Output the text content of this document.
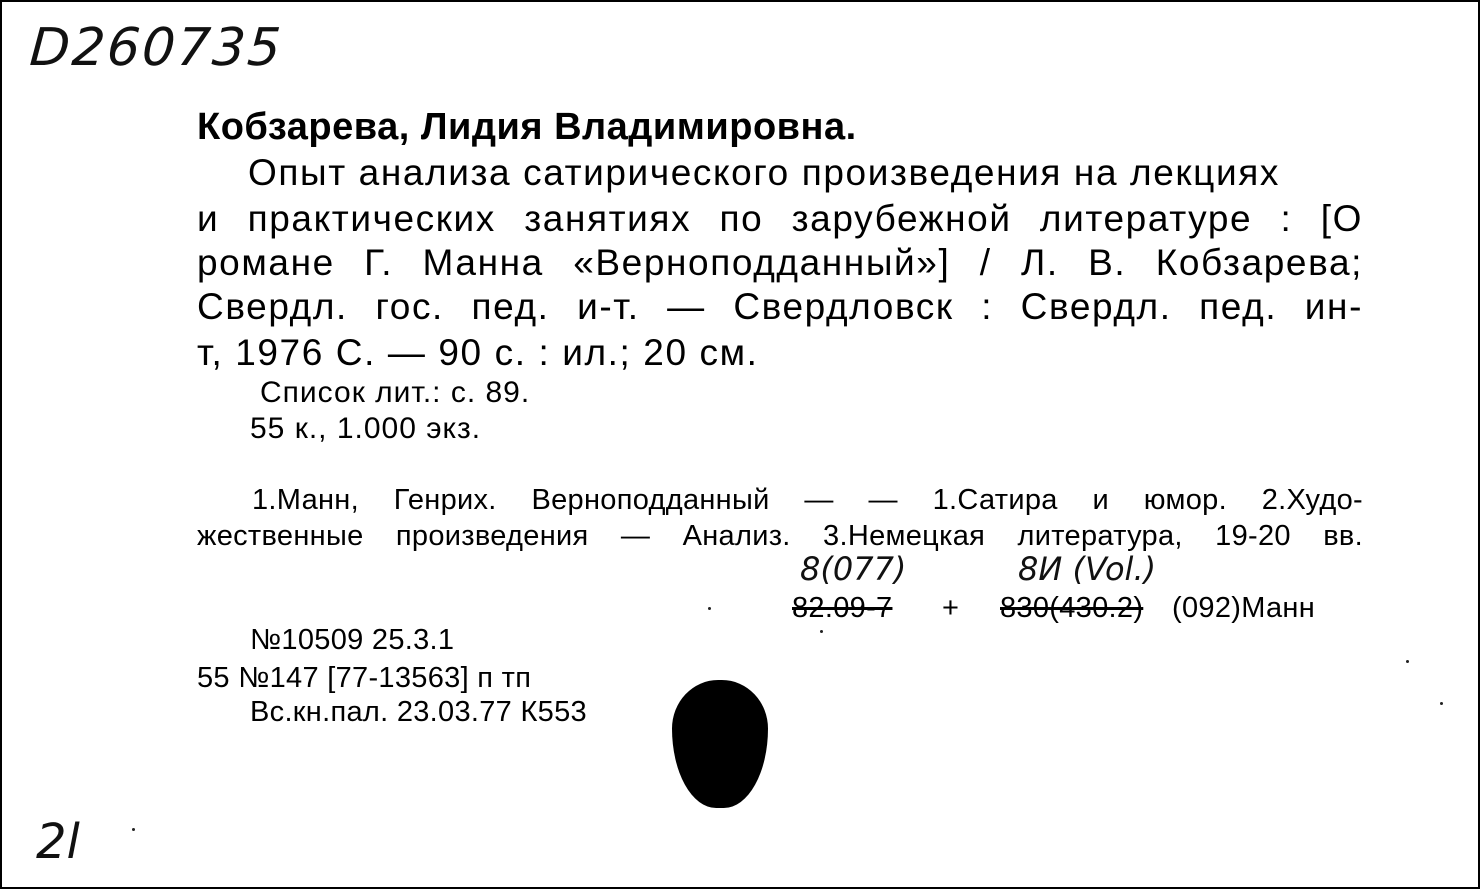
D260735
Кобзарева, Лидия Владимировна.
Опыт анализа сатирического произведения на лекциях
и практических занятиях по зарубежной литературе : [О
романе Г. Манна «Верноподданный»] / Л. В. Кобзарева;
Свердл. гос. пед. и-т. — Свердловск : Свердл. пед. ин-
т, 1976 С. — 90 с. : ил.; 20 см.
Список лит.: с. 89.
55 к., 1.000 экз.
1.Манн, Генрих. Верноподданный — — 1.Сатира и юмор. 2.Худо-
жественные произведения — Анализ. 3.Немецкая литература, 19-20 вв.
8(077)	8И (Vol.)
82.09-7 + 830(430.2) (092)Манн
№10509 25.3.1
55 №147 [77-13563] п тп
Вс.кн.пал. 23.03.77 К553
2l
